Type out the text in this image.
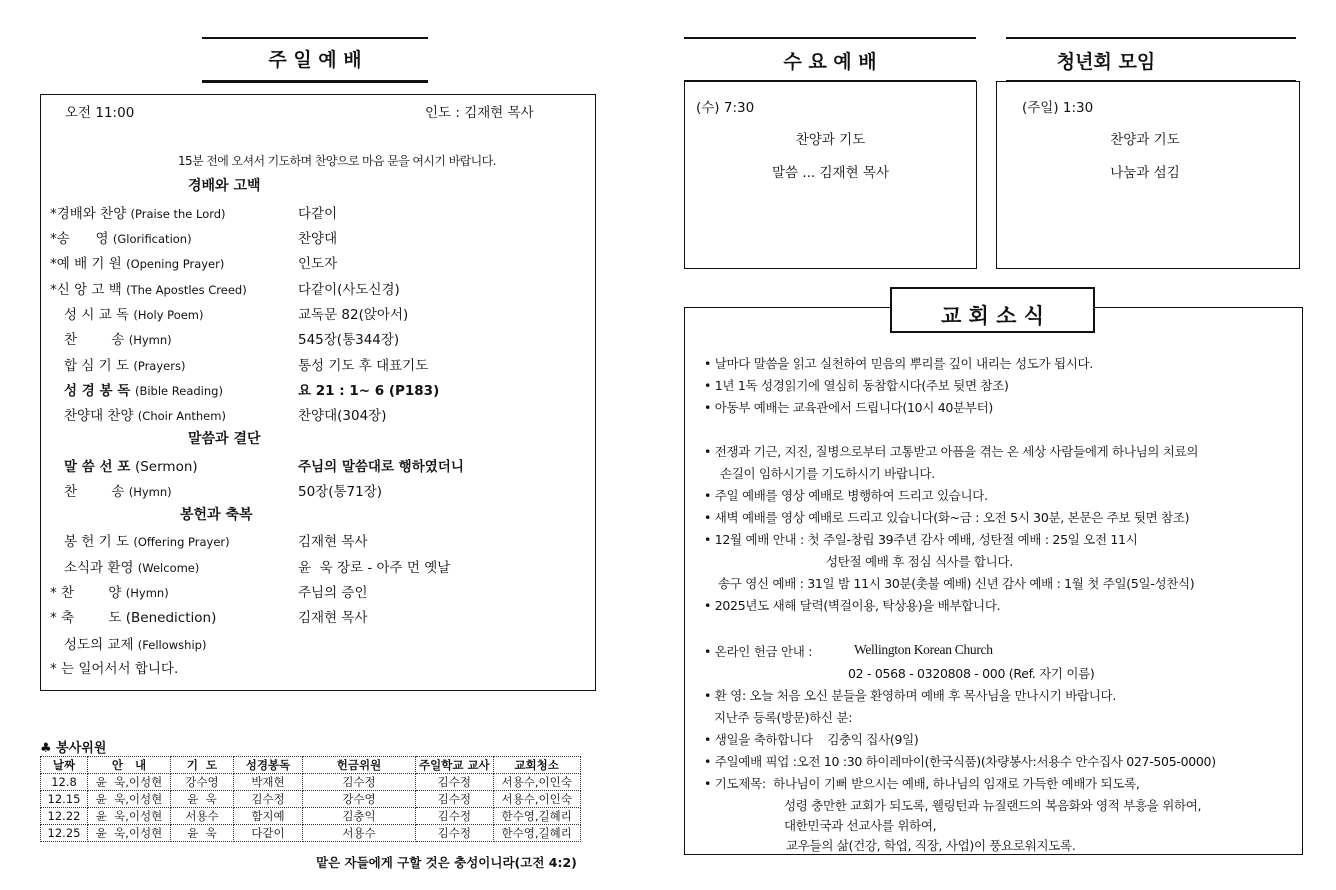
주 일 예 배
오전 11:00	인도 : 김재현 목사
15분 전에 오셔서 기도하며 찬양으로 마음 문을 여시기 바랍니다.
경배와 고백
말씀과 결단
봉헌과 축복
*경배와 찬양 (Praise the Lord)	다같이
*송      영 (Glorification)	찬양대
*예 배 기 원 (Opening Prayer)	인도자
*신 앙 고 백 (The Apostles Creed)	다같이(사도신경)
성 시 교 독 (Holy Poem)	교독문 82(앉아서)
찬        송 (Hymn)	545장(통344장)
합 심 기 도 (Prayers)	통성 기도 후 대표기도
성 경 봉 독 (Bible Reading)	요 21 : 1~ 6 (P183)
찬양대 찬양 (Choir Anthem)	찬양대(304장)
말 씀 선 포 (Sermon)	주님의 말씀대로 행하였더니
찬        송 (Hymn)	50장(통71장)
봉 헌 기 도 (Offering Prayer)	김재현 목사
소식과 환영 (Welcome)	윤  욱 장로 - 아주 먼 옛날
* 찬        양 (Hymn)	주님의 증인
* 축        도 (Benediction)	김재현 목사
성도의 교제 (Fellowship)
* 는 일어서서 합니다.
♣ 봉사위원
날짜	안   내	기  도	성경봉독	헌금위원	주일학교 교사	교회청소
12.8	윤  욱,이성현	강수영	박재현	김수정	김수정	서용수,이인숙
12.15	윤  욱,이성현	윤  욱	김수정	강수영	김수정	서용수,이인숙
12.22	윤  욱,이성현	서용수	함지예	김충익	김수정	한수영,길혜리
12.25	윤  욱,이성현	윤  욱	다같이	서용수	김수정	한수영,길혜리
맡은 자들에게 구할 것은 충성이니라(고전 4:2)
수 요 예 배
(수) 7:30
찬양과 기도
말씀 ... 김재현 목사
청년회 모임
(주일) 1:30
찬양과 기도
나눔과 섬김
교 회 소 식
• 날마다 말씀을 읽고 실천하여 믿음의 뿌리를 깊이 내리는 성도가 됩시다.
• 1년 1독 성경읽기에 열심히 동참합시다(주보 뒷면 참조)
• 아동부 예배는 교육관에서 드립니다(10시 40분부터)
• 전쟁과 기근, 지진, 질병으로부터 고통받고 아픔을 겪는 온 세상 사람들에게 하나님의 치료의
손길이 임하시기를 기도하시기 바랍니다.
• 주일 예배를 영상 예배로 병행하여 드리고 있습니다.
• 새벽 예배를 영상 예배로 드리고 있습니다(화~금 : 오전 5시 30분, 본문은 주보 뒷면 참조)
• 12월 예배 안내 : 첫 주일-창립 39주년 감사 예배, 성탄절 예배 : 25일 오전 11시
성탄절 예배 후 점심 식사를 합니다.
송구 영신 예배 : 31일 밤 11시 30분(촛불 예배) 신년 감사 예배 : 1월 첫 주일(5일-성찬식)
• 2025년도 새해 달력(벽걸이용, 탁상용)을 배부합니다.
• 온라인 헌금 안내 :	Wellington Korean Church
02 - 0568 - 0320808 - 000 (Ref. 자기 이름)
• 환 영: 오늘 처음 오신 분들을 환영하며 예배 후 목사님을 만나시기 바랍니다.
지난주 등록(방문)하신 분:
• 생일을 축하합니다    김충익 집사(9일)
• 주일예배 픽업 :오전 10 :30 하이레마이(한국식품)(차량봉사:서용수 안수집사 027-505-0000)
• 기도제목:  하나님이 기뻐 받으시는 예배, 하나님의 임재로 가득한 예배가 되도록,
성령 충만한 교회가 되도록, 웰링턴과 뉴질랜드의 복음화와 영적 부흥을 위하여,
대한민국과 선교사를 위하여,
교우들의 삶(건강, 학업, 직장, 사업)이 풍요로워지도록.
